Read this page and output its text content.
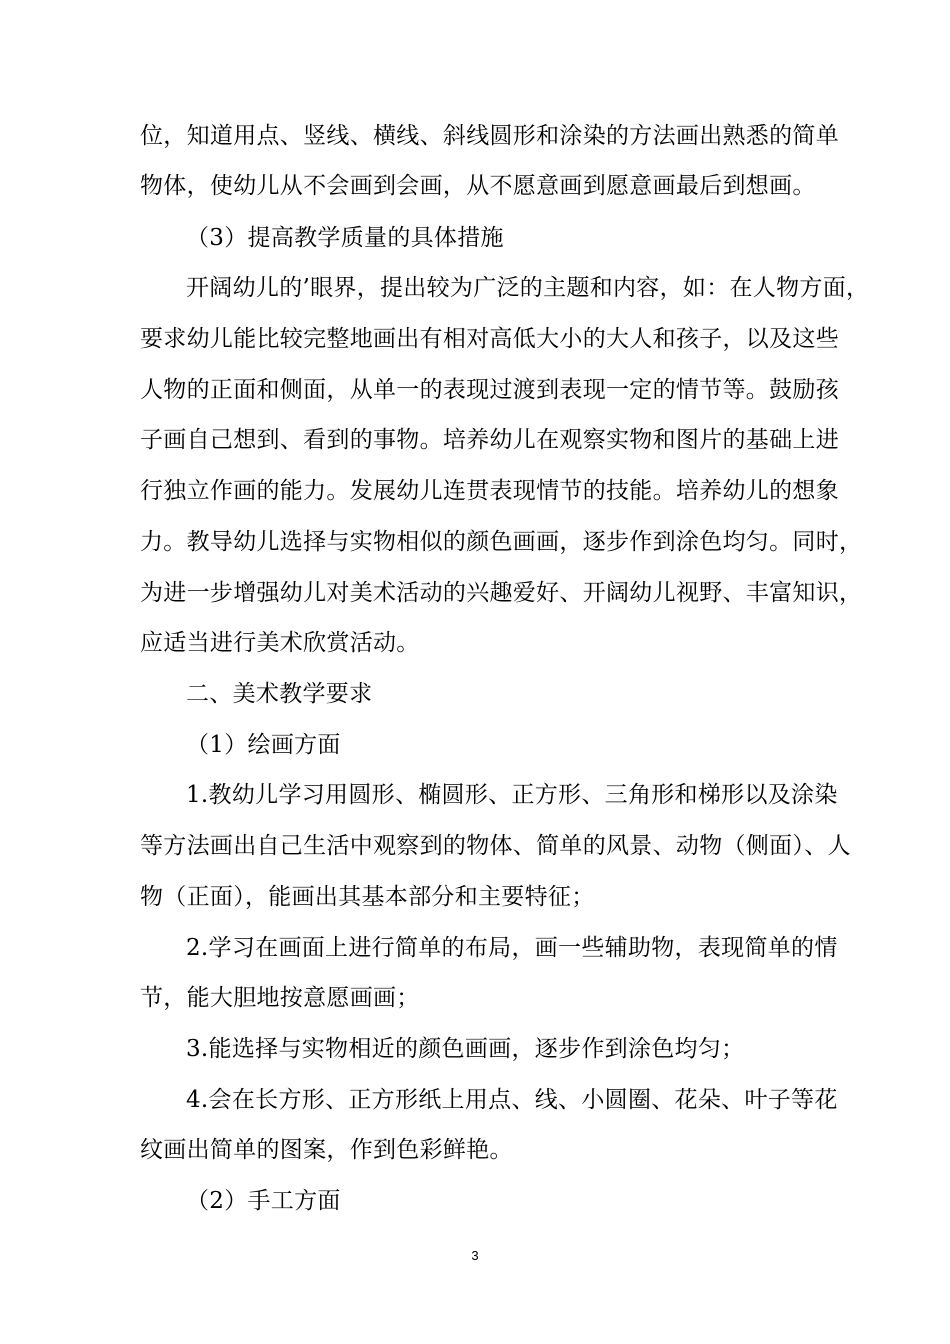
位，知道用点、竖线、横线、斜线圆形和涂染的方法画出熟悉的简单
物体，使幼儿从不会画到会画，从不愿意画到愿意画最后到想画。
（3）提高教学质量的具体措施
开阔幼儿的’眼界，提出较为广泛的主题和内容，如：在人物方面，
要求幼儿能比较完整地画出有相对高低大小的大人和孩子，以及这些
人物的正面和侧面，从单一的表现过渡到表现一定的情节等。鼓励孩
子画自己想到、看到的事物。培养幼儿在观察实物和图片的基础上进
行独立作画的能力。发展幼儿连贯表现情节的技能。培养幼儿的想象
力。教导幼儿选择与实物相似的颜色画画，逐步作到涂色均匀。同时，
为进一步增强幼儿对美术活动的兴趣爱好、开阔幼儿视野、丰富知识，
应适当进行美术欣赏活动。
二、美术教学要求
（1）绘画方面
1.教幼儿学习用圆形、椭圆形、正方形、三角形和梯形以及涂染
等方法画出自己生活中观察到的物体、简单的风景、动物（侧面）、人
物（正面），能画出其基本部分和主要特征；
2.学习在画面上进行简单的布局，画一些辅助物，表现简单的情
节，能大胆地按意愿画画；
3.能选择与实物相近的颜色画画，逐步作到涂色均匀；
4.会在长方形、正方形纸上用点、线、小圆圈、花朵、叶子等花
纹画出简单的图案，作到色彩鲜艳。
（2）手工方面
3
